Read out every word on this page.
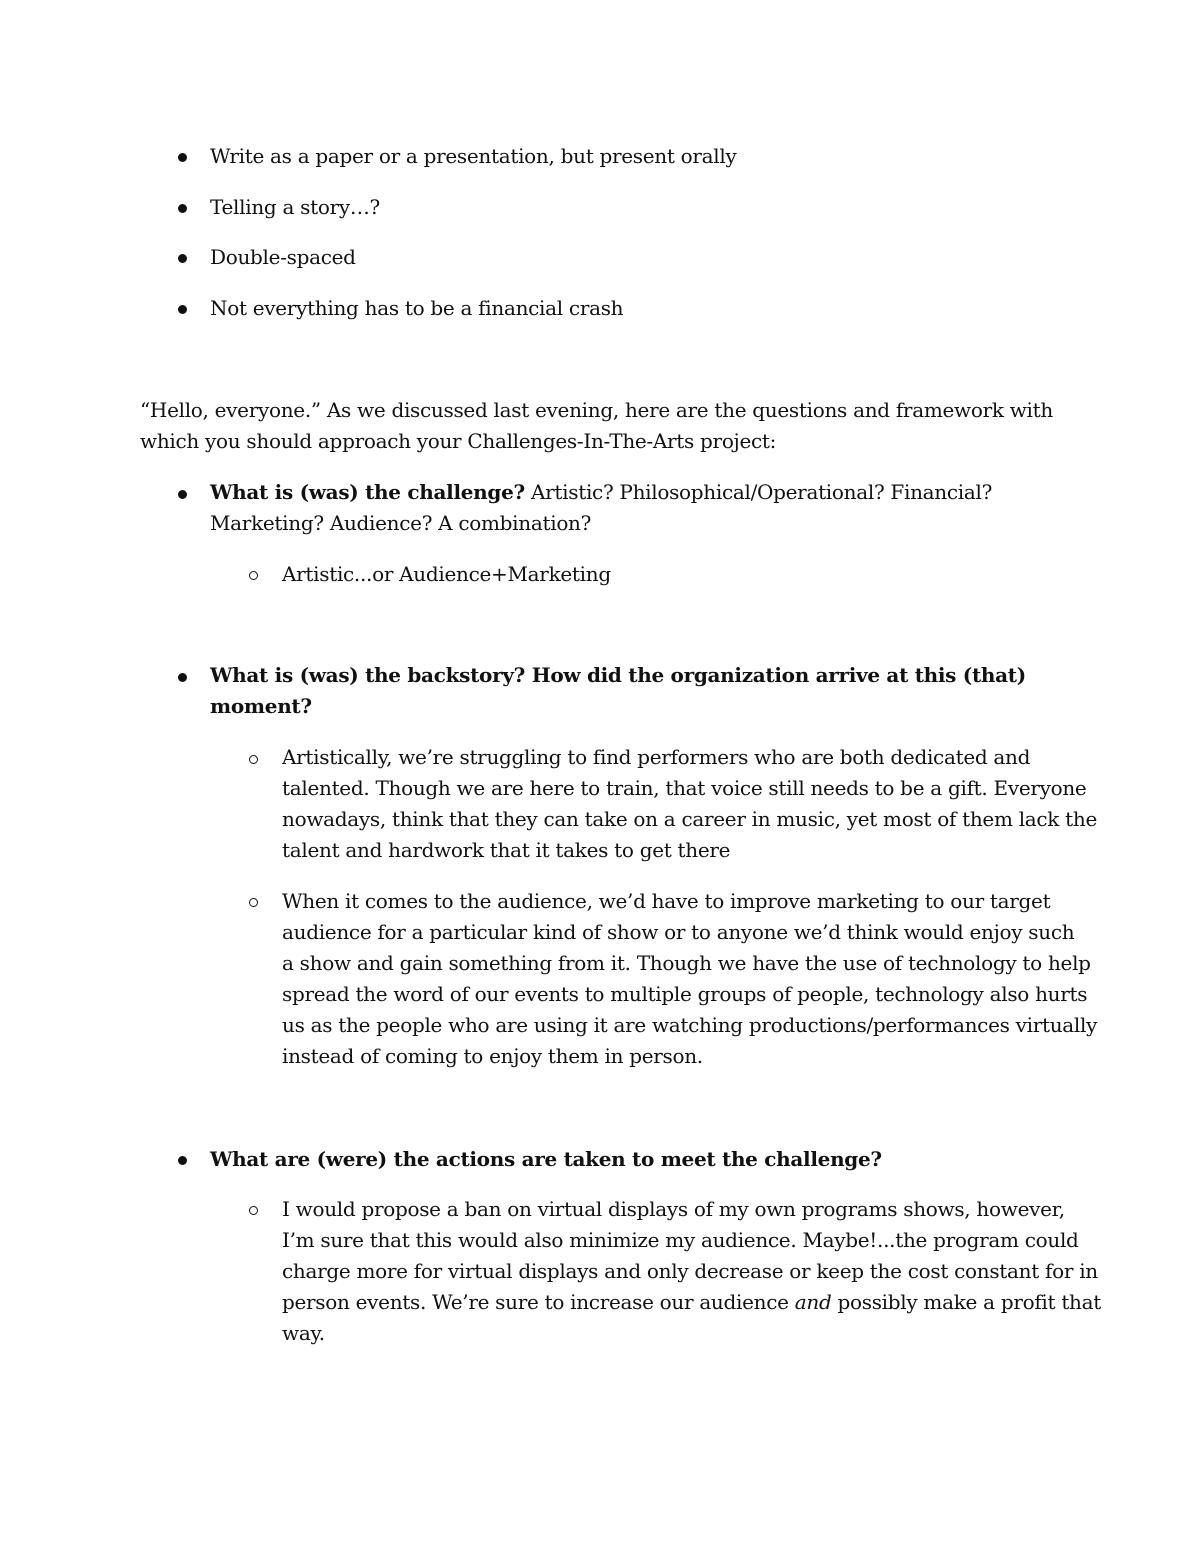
Write as a paper or a presentation, but present orally
Telling a story…?
Double-spaced
Not everything has to be a financial crash
“Hello, everyone.” As we discussed last evening, here are the questions and framework with
which you should approach your Challenges-In-The-Arts project:
What is (was) the challenge? Artistic? Philosophical/Operational? Financial?
Marketing? Audience? A combination?
Artistic...or Audience+Marketing
What is (was) the backstory? How did the organization arrive at this (that)
moment?
Artistically, we’re struggling to find performers who are both dedicated and
talented. Though we are here to train, that voice still needs to be a gift. Everyone
nowadays, think that they can take on a career in music, yet most of them lack the
talent and hardwork that it takes to get there
When it comes to the audience, we’d have to improve marketing to our target
audience for a particular kind of show or to anyone we’d think would enjoy such
a show and gain something from it. Though we have the use of technology to help
spread the word of our events to multiple groups of people, technology also hurts
us as the people who are using it are watching productions/performances virtually
instead of coming to enjoy them in person.
What are (were) the actions are taken to meet the challenge?
I would propose a ban on virtual displays of my own programs shows, however,
I’m sure that this would also minimize my audience. Maybe!...the program could
charge more for virtual displays and only decrease or keep the cost constant for in
person events. We’re sure to increase our audience and possibly make a profit that
way.
